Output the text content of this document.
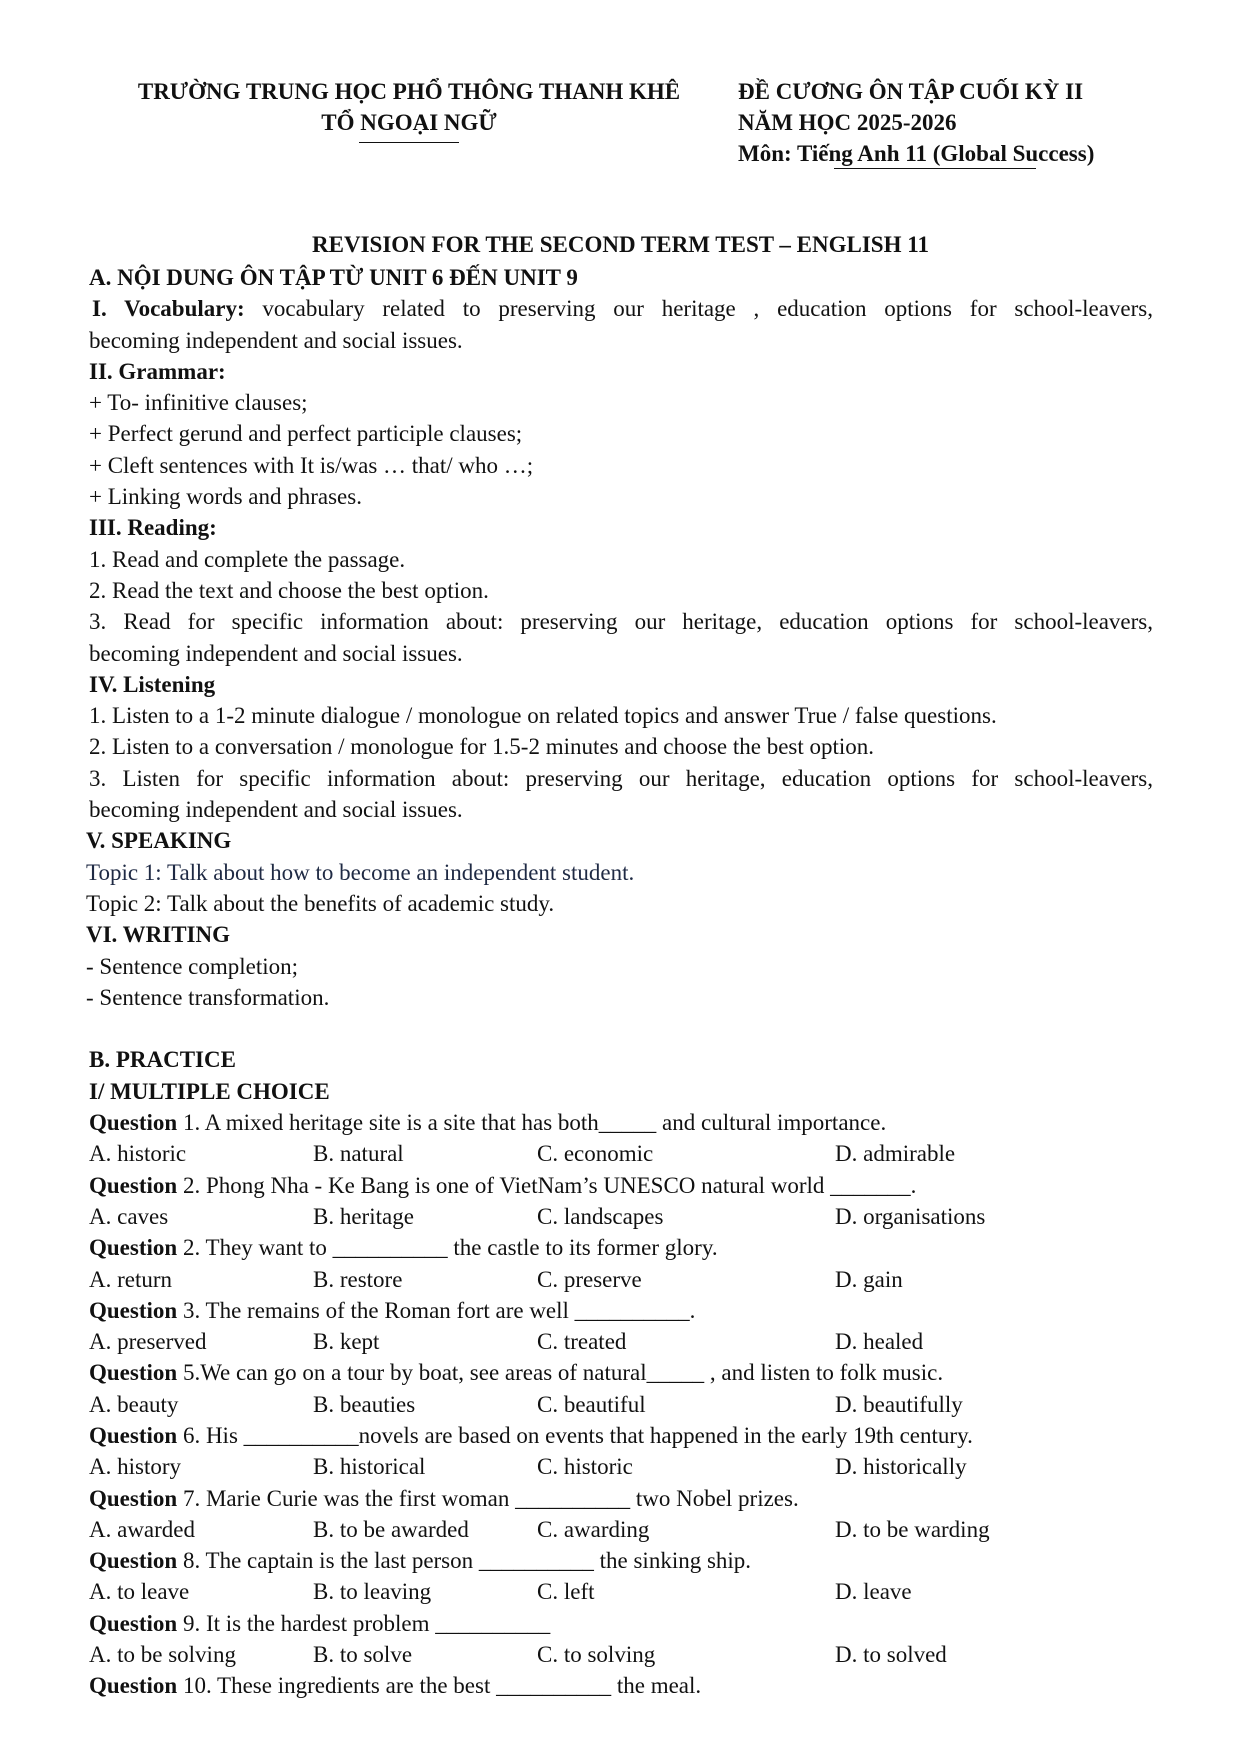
TRƯỜNG TRUNG HỌC PHỔ THÔNG THANH KHÊ
TỔ NGOẠI NGỮ
ĐỀ CƯƠNG ÔN TẬP CUỐI KỲ II
NĂM HỌC 2025-2026
Môn: Tiếng Anh 11 (Global Success)
REVISION FOR THE SECOND TERM TEST – ENGLISH 11
A. NỘI DUNG ÔN TẬP TỪ UNIT 6 ĐẾN UNIT 9
I. Vocabulary: vocabulary related to preserving our heritage , education options for school-leavers,
becoming independent and social issues.
II. Grammar:
+ To- infinitive clauses;
+ Perfect gerund and perfect participle clauses;
+ Cleft sentences with It is/was … that/ who …;
+ Linking words and phrases.
III. Reading:
1. Read and complete the passage.
2. Read the text and choose the best option.
3. Read for specific information about: preserving our heritage, education options for school-leavers,
becoming independent and social issues.
IV. Listening
1. Listen to a 1-2 minute dialogue / monologue on related topics and answer True / false questions.
2. Listen to a conversation / monologue for 1.5-2 minutes and choose the best option.
3. Listen for specific information about: preserving our heritage, education options for school-leavers,
becoming independent and social issues.
V. SPEAKING
Topic 1: Talk about how to become an independent student.
Topic 2: Talk about the benefits of academic study.
VI. WRITING
- Sentence completion;
- Sentence transformation.
B. PRACTICE
I/ MULTIPLE CHOICE
Question 1. A mixed heritage site is a site that has both_____ and cultural importance.
A. historic	B. natural	C. economic	D. admirable
Question 2. Phong Nha - Ke Bang is one of VietNam’s UNESCO natural world _______.
A. caves	B. heritage	C. landscapes	D. organisations
Question 2. They want to __________ the castle to its former glory.
A. return	B. restore	C. preserve	D. gain
Question 3. The remains of the Roman fort are well __________.
A. preserved	B. kept	C. treated	D. healed
Question 5.We can go on a tour by boat, see areas of natural_____ , and listen to folk music.
A. beauty	B. beauties	C. beautiful	D. beautifully
Question 6. His __________novels are based on events that happened in the early 19th century.
A. history	B. historical	C. historic	D. historically
Question 7. Marie Curie was the first woman __________ two Nobel prizes.
A. awarded	B. to be awarded	C. awarding	D. to be warding
Question 8. The captain is the last person __________ the sinking ship.
A. to leave	B. to leaving	C. left	D. leave
Question 9. It is the hardest problem __________
A. to be solving	B. to solve	C. to solving	D. to solved
Question 10. These ingredients are the best __________ the meal.
